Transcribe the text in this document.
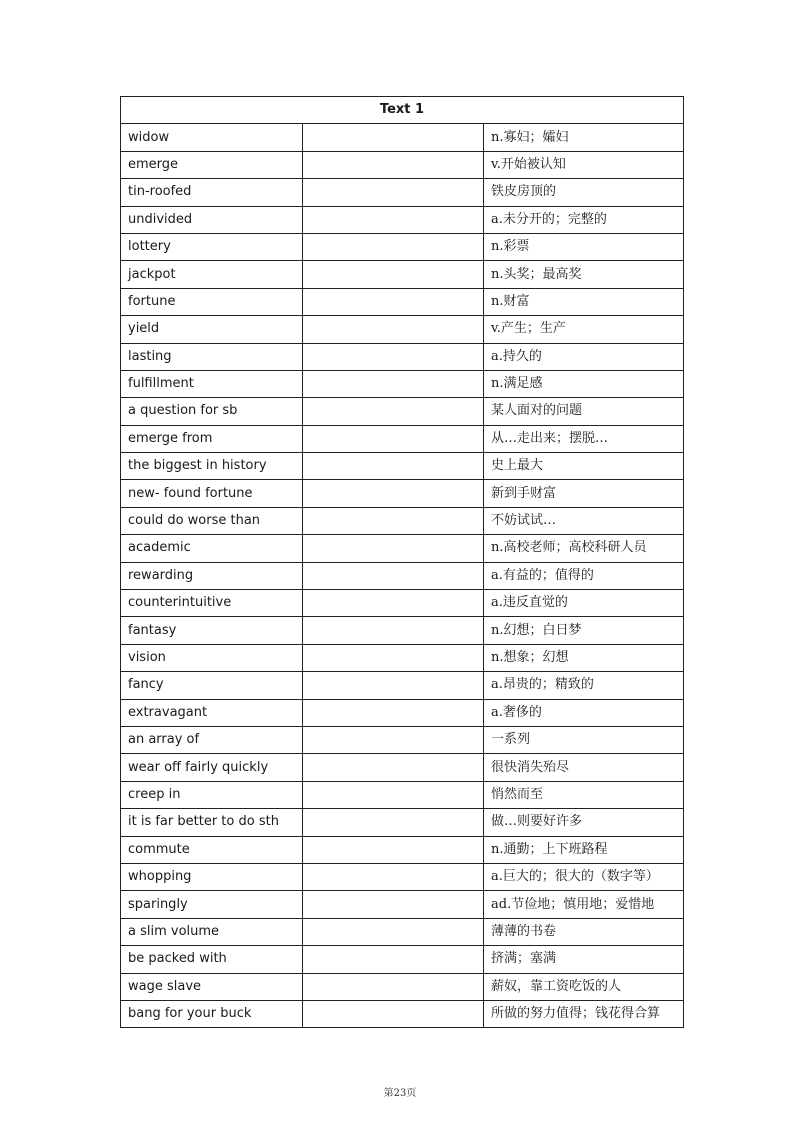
Text 1		
widow		n.寡妇；孀妇
emerge		v.开始被认知
tin-roofed		铁皮房顶的
undivided		a.未分开的；完整的
lottery		n.彩票
jackpot		n.头奖；最高奖
fortune		n.财富
yield		v.产生；生产
lasting		a.持久的
fulfillment		n.满足感
a question for sb		某人面对的问题
emerge from		从…走出来；摆脱…
the biggest in history		史上最大
new- found fortune		新到手财富
could do worse than		不妨试试…
academic		n.高校老师；高校科研人员
rewarding		a.有益的；值得的
counterintuitive		a.违反直觉的
fantasy		n.幻想；白日梦
vision		n.想象；幻想
fancy		a.昂贵的；精致的
extravagant		a.奢侈的
an array of		一系列
wear off fairly quickly		很快消失殆尽
creep in		悄然而至
it is far better to do sth		做…则要好许多
commute		n.通勤；上下班路程
whopping		a.巨大的；很大的（数字等）
sparingly		ad.节俭地；慎用地；爱惜地
a slim volume		薄薄的书卷
be packed with		挤满；塞满
wage slave		薪奴，靠工资吃饭的人
bang for your buck		所做的努力值得；钱花得合算
第23页
